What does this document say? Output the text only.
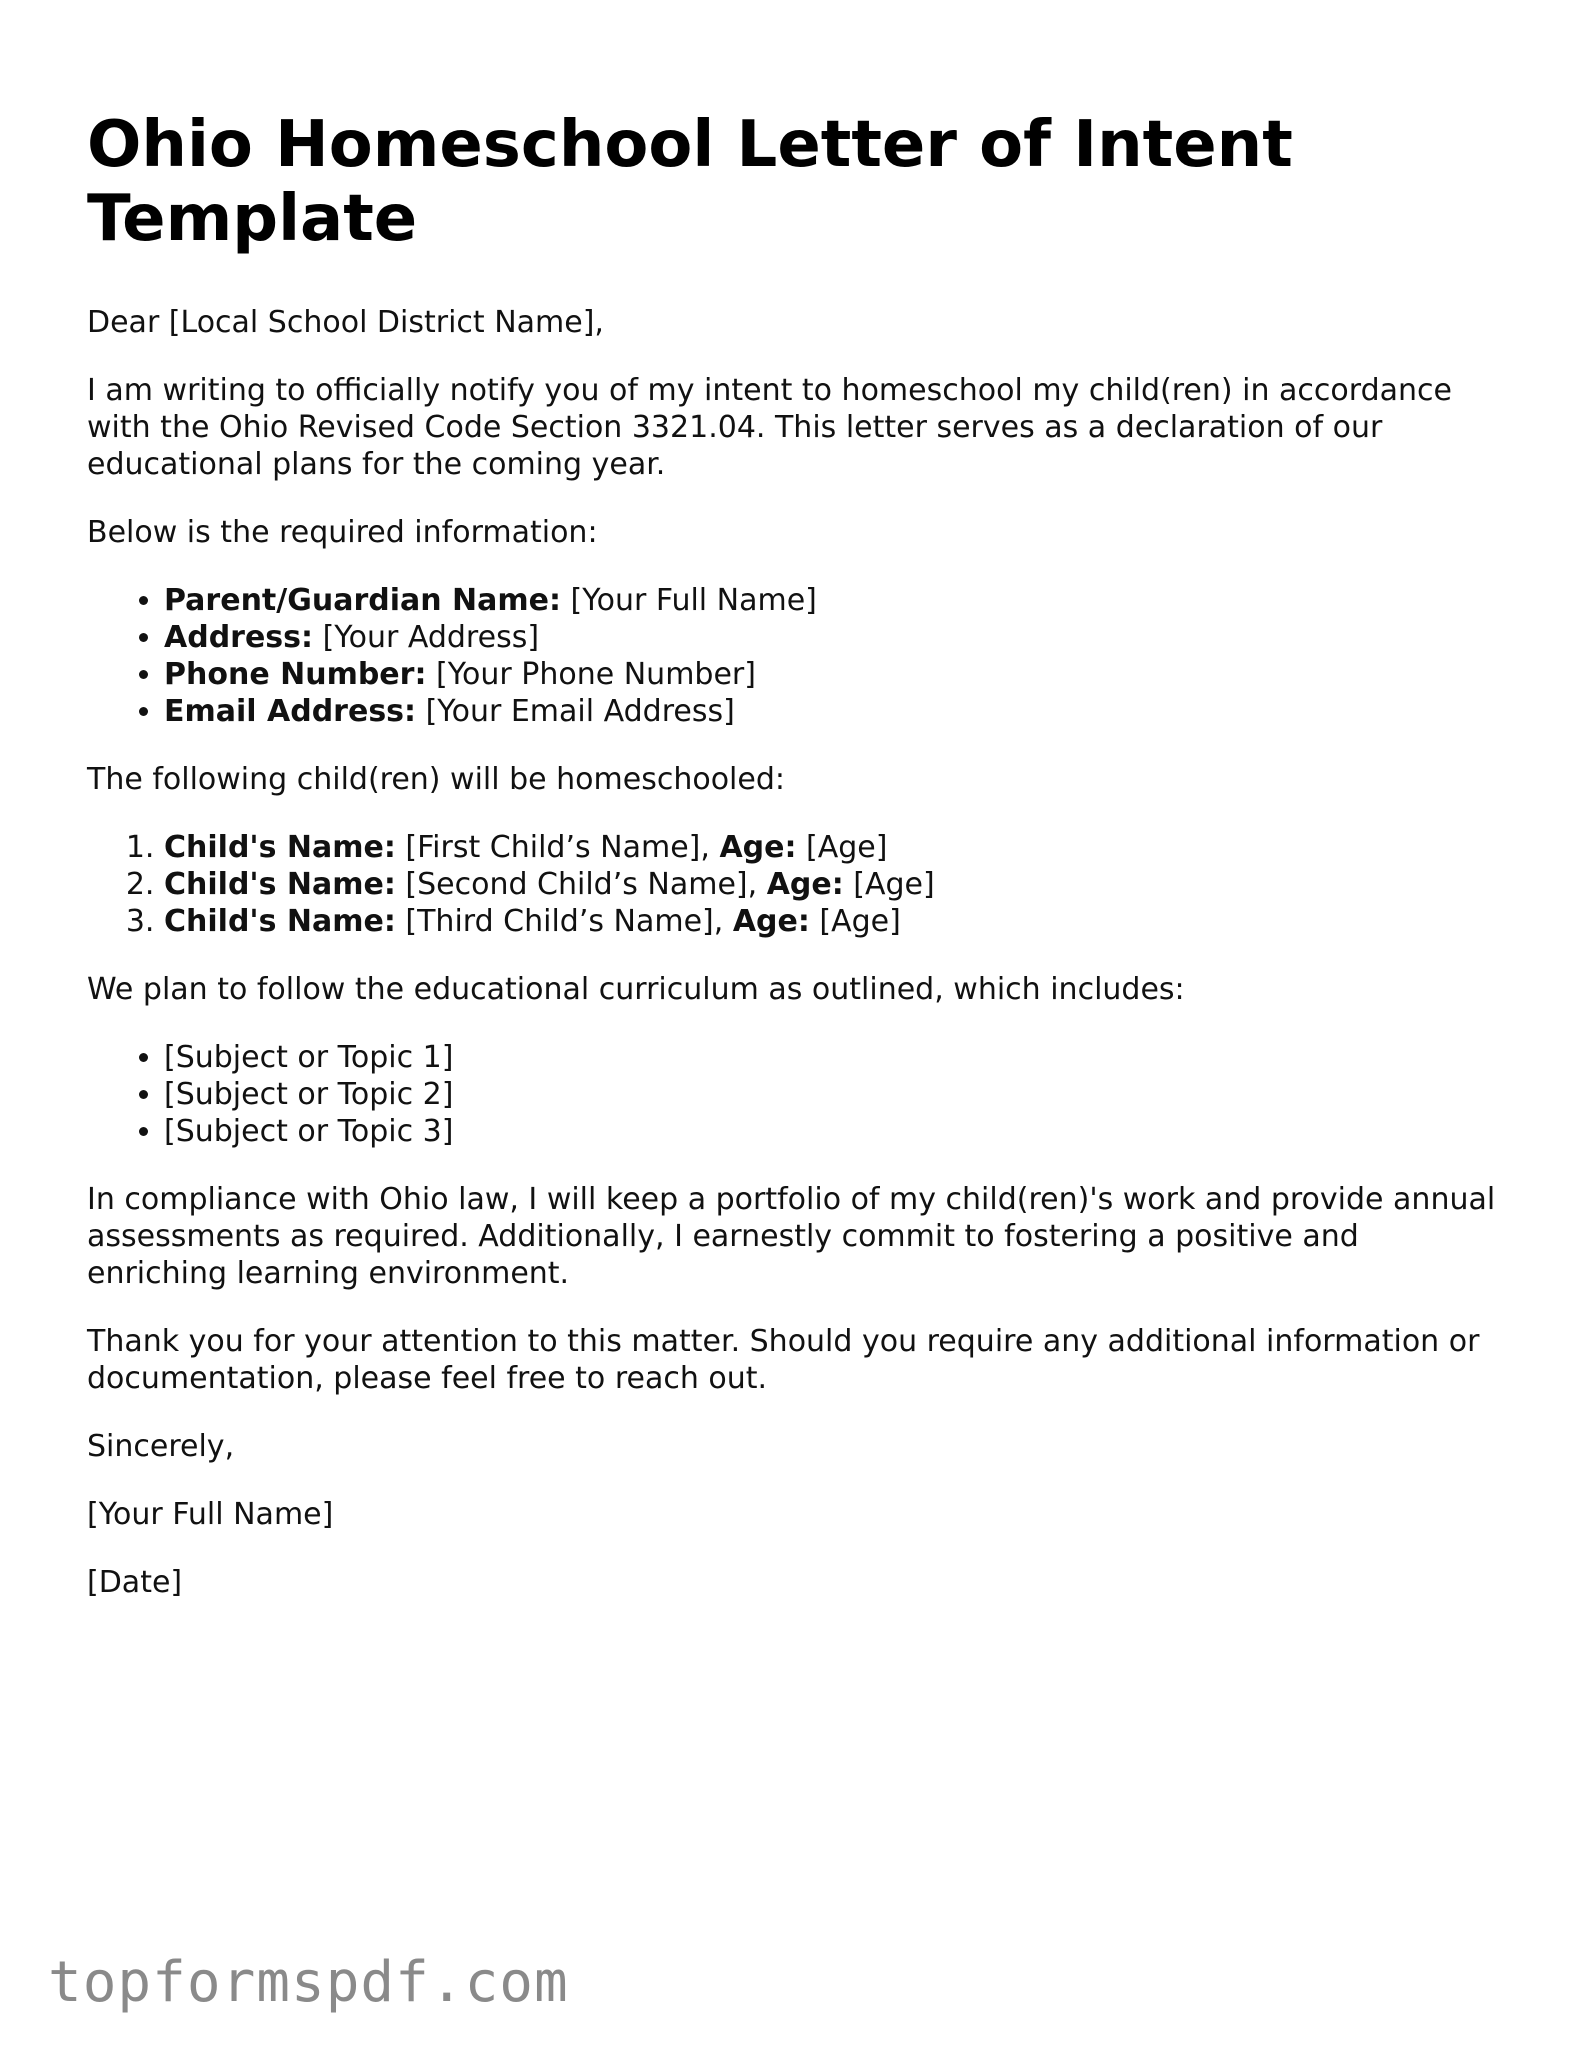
Ohio Homeschool Letter of Intent Template

Dear [Local School District Name],

I am writing to officially notify you of my intent to homeschool my child(ren) in accordance with the Ohio Revised Code Section 3321.04. This letter serves as a declaration of our educational plans for the coming year.

Below is the required information:

• Parent/Guardian Name: [Your Full Name]
• Address: [Your Address]
• Phone Number: [Your Phone Number]
• Email Address: [Your Email Address]

The following child(ren) will be homeschooled:

1. Child's Name: [First Child’s Name], Age: [Age]
2. Child's Name: [Second Child’s Name], Age: [Age]
3. Child's Name: [Third Child’s Name], Age: [Age]

We plan to follow the educational curriculum as outlined, which includes:

• [Subject or Topic 1]
• [Subject or Topic 2]
• [Subject or Topic 3]

In compliance with Ohio law, I will keep a portfolio of my child(ren)'s work and provide annual assessments as required. Additionally, I earnestly commit to fostering a positive and enriching learning environment.

Thank you for your attention to this matter. Should you require any additional information or documentation, please feel free to reach out.

Sincerely,

[Your Full Name]

[Date]

topformspdf.com
